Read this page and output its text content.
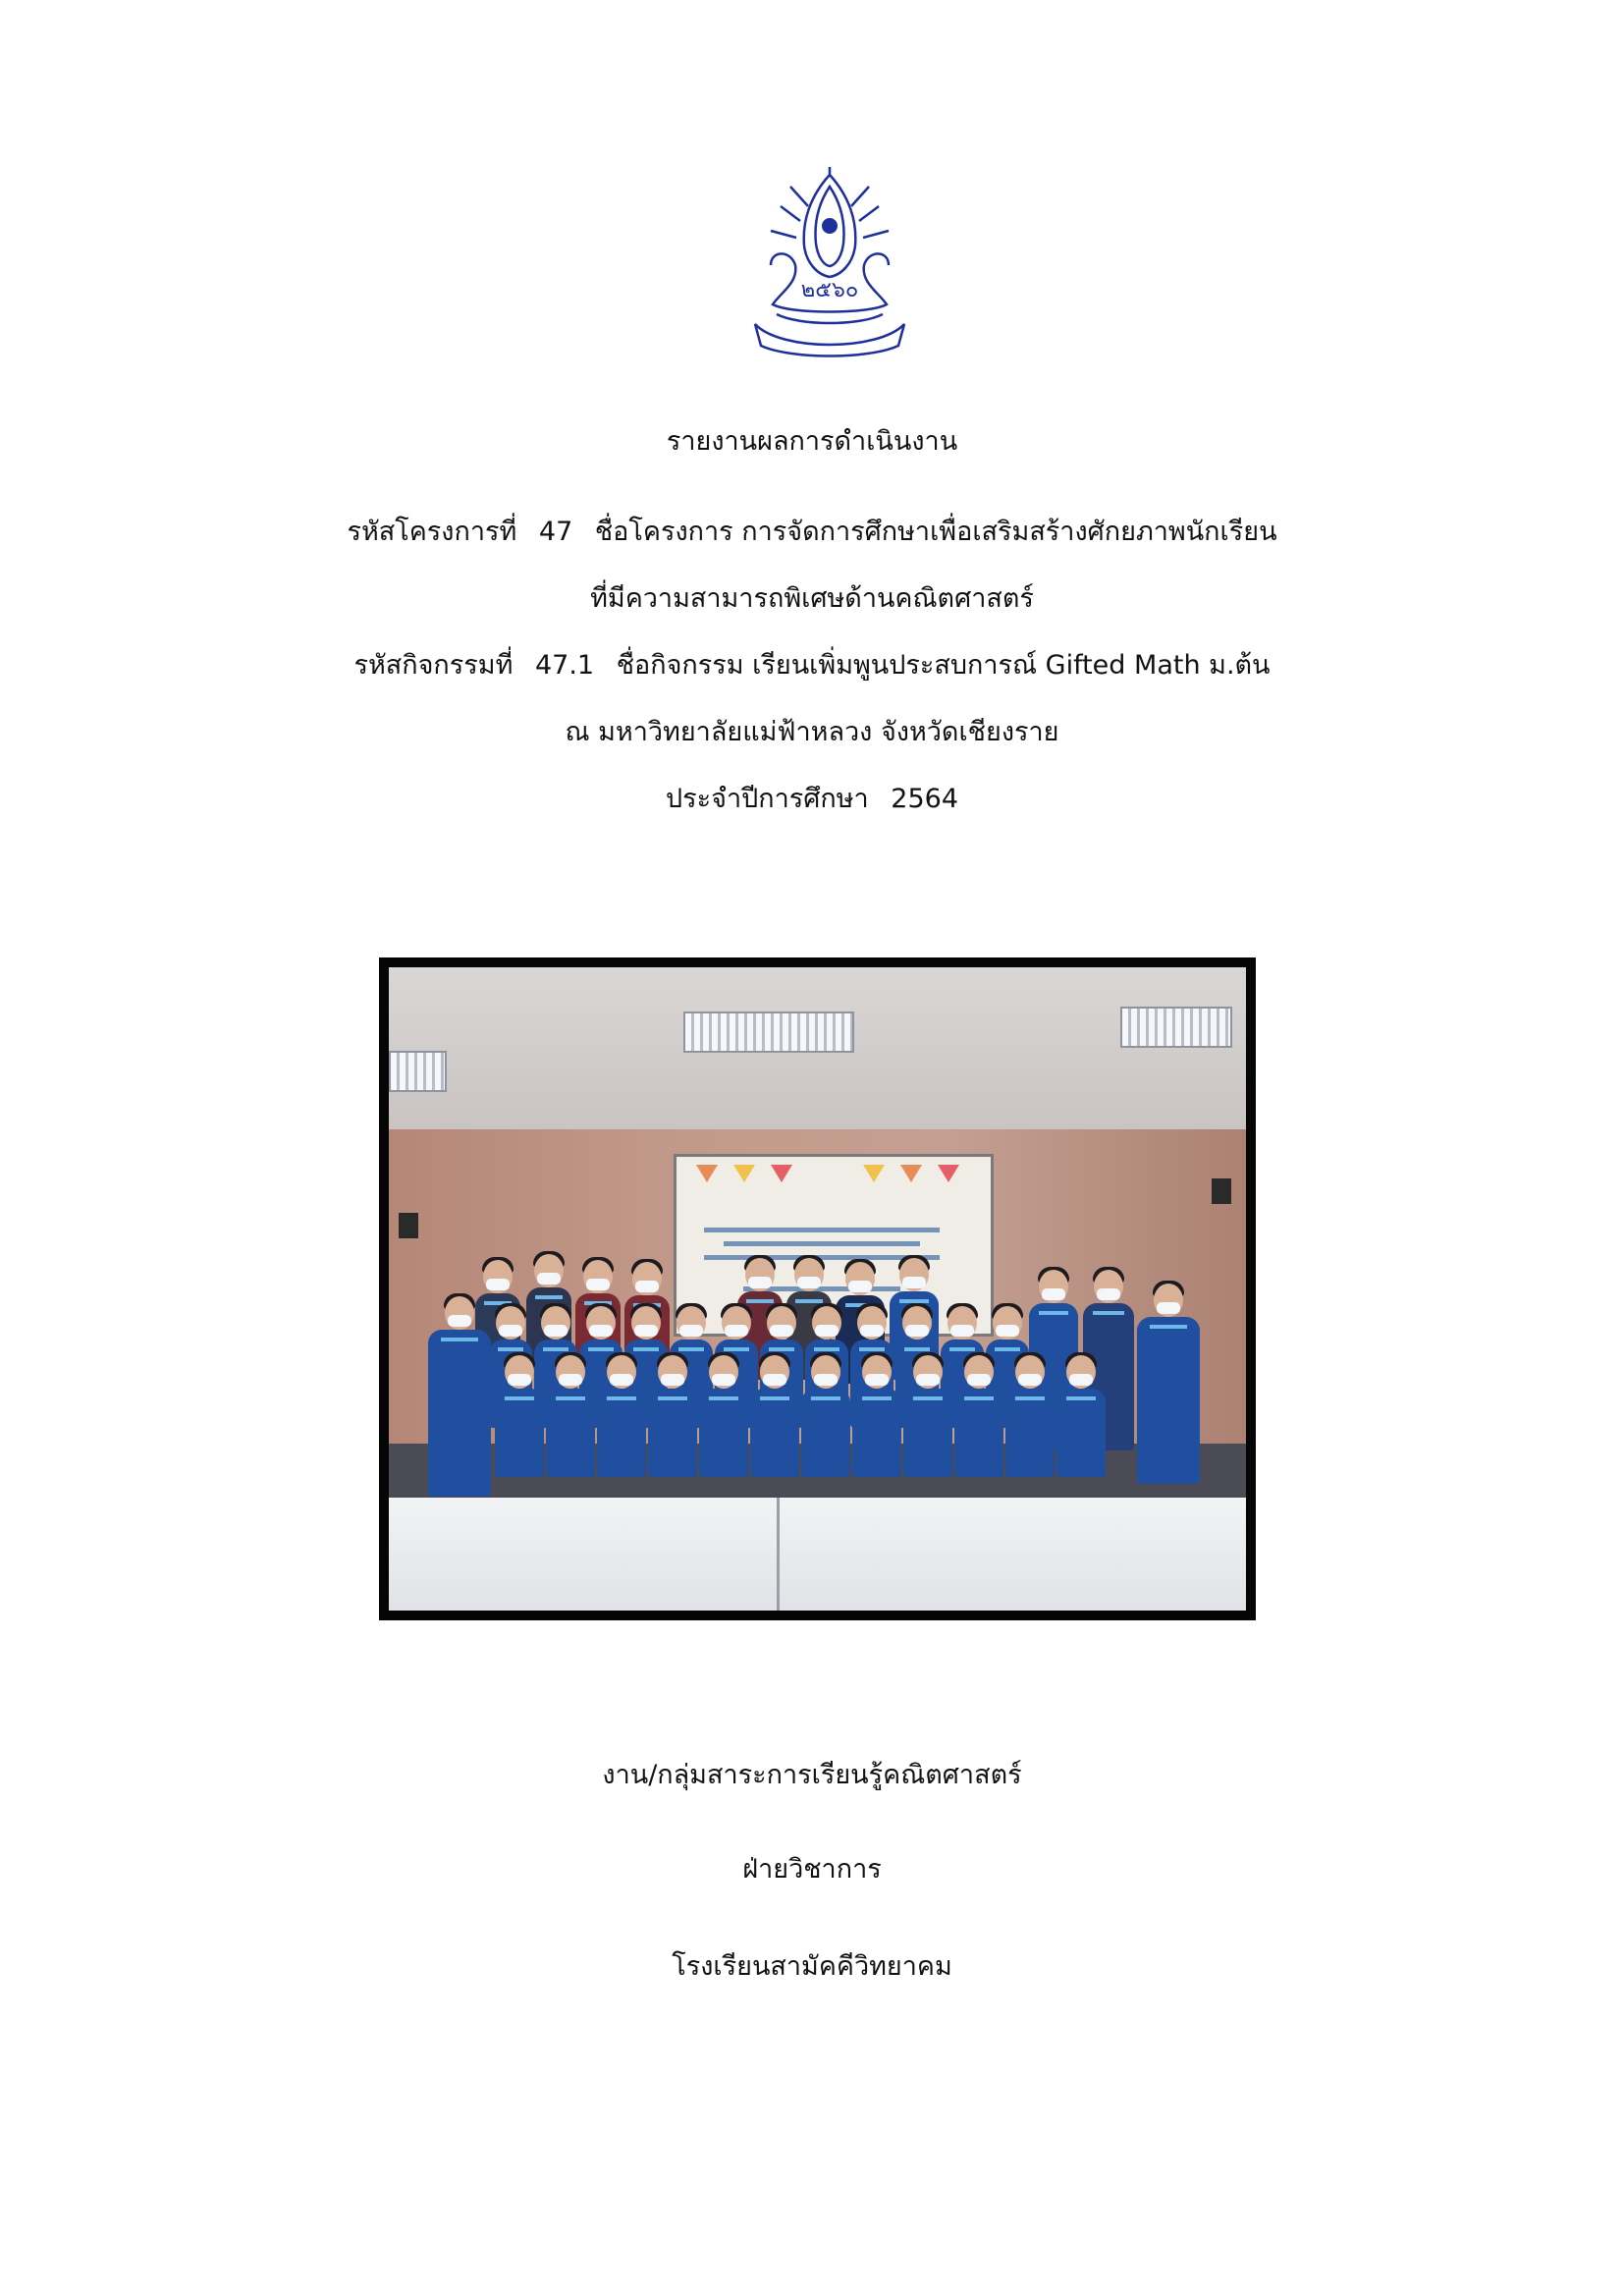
๒๕๖๐
รายงานผลการดำเนินงาน
รหัสโครงการที่ 47 ชื่อโครงการ การจัดการศึกษาเพื่อเสริมสร้างศักยภาพนักเรียน
ที่มีความสามารถพิเศษด้านคณิตศาสตร์
รหัสกิจกรรมที่ 47.1 ชื่อกิจกรรม เรียนเพิ่มพูนประสบการณ์ Gifted Math ม.ต้น
ณ มหาวิทยาลัยแม่ฟ้าหลวง จังหวัดเชียงราย
ประจำปีการศึกษา 2564
งาน/กลุ่มสาระการเรียนรู้คณิตศาสตร์
ฝ่ายวิชาการ
โรงเรียนสามัคคีวิทยาคม
